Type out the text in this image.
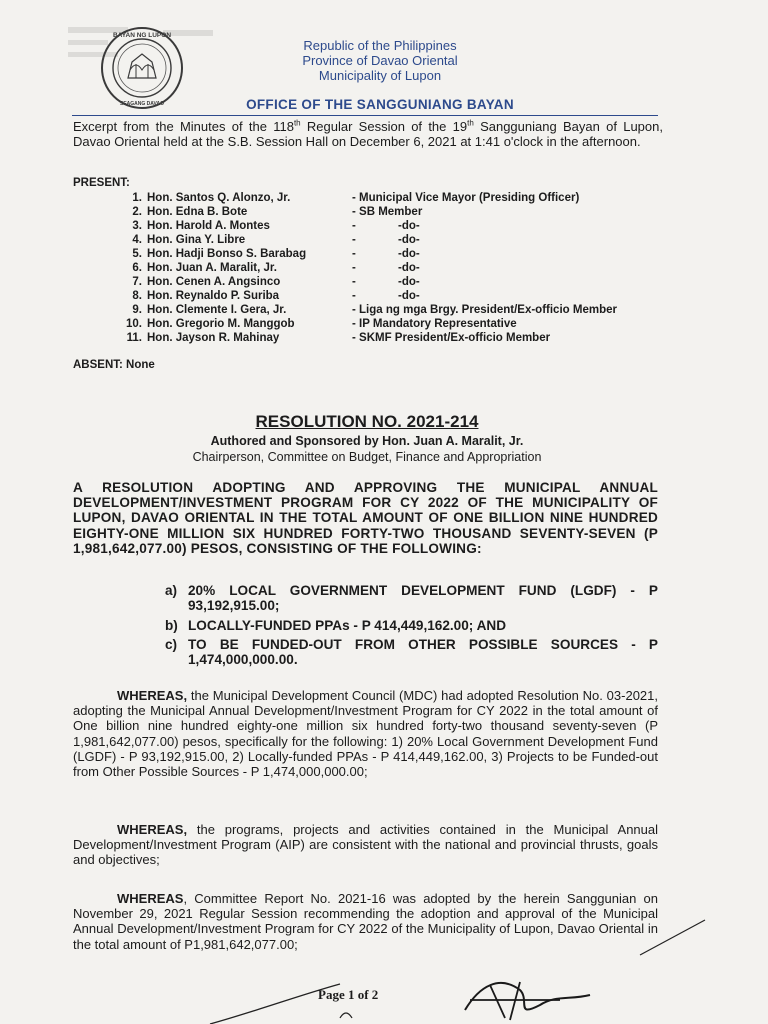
BAYAN NG LUPON
SEAGANG DAVAO
Republic of the Philippines
Province of Davao Oriental
Municipality of Lupon
OFFICE OF THE SANGGUNIANG BAYAN
Excerpt from the Minutes of the 118th Regular Session of the 19th Sangguniang Bayan of Lupon, Davao Oriental held at the S.B. Session Hall on December 6, 2021 at 1:41 o'clock in the afternoon.
PRESENT:
1. Hon. Santos Q. Alonzo, Jr.	- Municipal Vice Mayor (Presiding Officer)
2. Hon. Edna B. Bote	- SB Member
3. Hon. Harold A. Montes	-	-do-
4. Hon. Gina Y. Libre	-	-do-
5. Hon. Hadji Bonso S. Barabag	-	-do-
6. Hon. Juan A. Maralit, Jr.	-	-do-
7. Hon. Cenen A. Angsinco	-	-do-
8. Hon. Reynaldo P. Suriba	-	-do-
9. Hon. Clemente I. Gera, Jr.	- Liga ng mga Brgy. President/Ex-officio Member
10. Hon. Gregorio M. Manggob	- IP Mandatory Representative
11. Hon. Jayson R. Mahinay	- SKMF President/Ex-officio Member
ABSENT: None
RESOLUTION NO. 2021-214
Authored and Sponsored by Hon. Juan A. Maralit, Jr.
Chairperson, Committee on Budget, Finance and Appropriation
A RESOLUTION ADOPTING AND APPROVING THE MUNICIPAL ANNUAL DEVELOPMENT/INVESTMENT PROGRAM FOR CY 2022 OF THE MUNICIPALITY OF LUPON, DAVAO ORIENTAL IN THE TOTAL AMOUNT OF ONE BILLION NINE HUNDRED EIGHTY-ONE MILLION SIX HUNDRED FORTY-TWO THOUSAND SEVENTY-SEVEN (P 1,981,642,077.00) PESOS, CONSISTING OF THE FOLLOWING:
a) 20% LOCAL GOVERNMENT DEVELOPMENT FUND (LGDF) - P 93,192,915.00;
b) LOCALLY-FUNDED PPAs - P 414,449,162.00; AND
c) TO BE FUNDED-OUT FROM OTHER POSSIBLE SOURCES - P 1,474,000,000.00.
WHEREAS, the Municipal Development Council (MDC) had adopted Resolution No. 03-2021, adopting the Municipal Annual Development/Investment Program for CY 2022 in the total amount of One billion nine hundred eighty-one million six hundred forty-two thousand seventy-seven (P 1,981,642,077.00) pesos, specifically for the following: 1) 20% Local Government Development Fund (LGDF) - P 93,192,915.00, 2) Locally-funded PPAs - P 414,449,162.00, 3) Projects to be Funded-out from Other Possible Sources - P 1,474,000,000.00;
WHEREAS, the programs, projects and activities contained in the Municipal Annual Development/Investment Program (AIP) are consistent with the national and provincial thrusts, goals and objectives;
WHEREAS, Committee Report No. 2021-16 was adopted by the herein Sanggunian on November 29, 2021 Regular Session recommending the adoption and approval of the Municipal Annual Development/Investment Program for CY 2022 of the Municipality of Lupon, Davao Oriental in the total amount of P1,981,642,077.00;
Page 1 of 2
